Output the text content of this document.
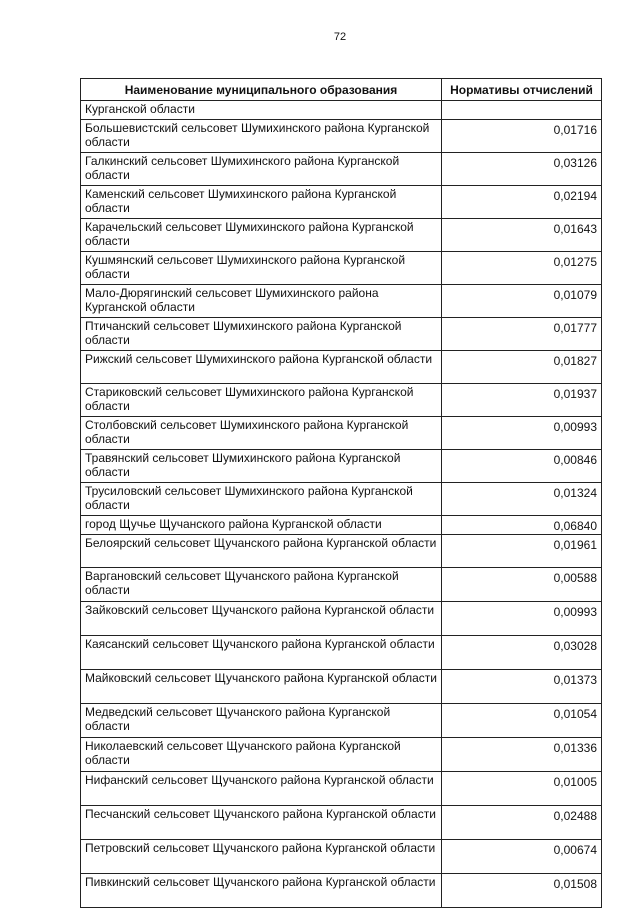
72
Наименование муниципального образования	Нормативы отчислений
Курганской области	
Большевистский сельсовет Шумихинского района Курганской области	0,01716
Галкинский сельсовет Шумихинского района Курганской области	0,03126
Каменский сельсовет Шумихинского района Курганской области	0,02194
Карачельский сельсовет Шумихинского района Курганской области	0,01643
Кушмянский сельсовет Шумихинского района Курганской области	0,01275
Мало-Дюрягинский сельсовет Шумихинского района Курганской области	0,01079
Птичанский сельсовет Шумихинского района Курганской области	0,01777
Рижский сельсовет Шумихинского района Курганской области	0,01827
Стариковский сельсовет Шумихинского района Курганской области	0,01937
Столбовский сельсовет Шумихинского района Курганской области	0,00993
Травянский сельсовет Шумихинского района Курганской области	0,00846
Трусиловский сельсовет Шумихинского района Курганской области	0,01324
город Щучье Щучанского района Курганской области	0,06840
Белоярский сельсовет Щучанского района Курганской области	0,01961
Варгановский сельсовет Щучанского района Курганской области	0,00588
Зайковский сельсовет Щучанского района Курганской области	0,00993
Каясанский сельсовет Щучанского района Курганской области	0,03028
Майковский сельсовет Щучанского района Курганской области	0,01373
Медведский сельсовет Щучанского района Курганской области	0,01054
Николаевский сельсовет Щучанского района Курганской области	0,01336
Нифанский сельсовет Щучанского района Курганской области	0,01005
Песчанский сельсовет Щучанского района Курганской области	0,02488
Петровский сельсовет Щучанского района Курганской области	0,00674
Пивкинский сельсовет Щучанского района Курганской области	0,01508
